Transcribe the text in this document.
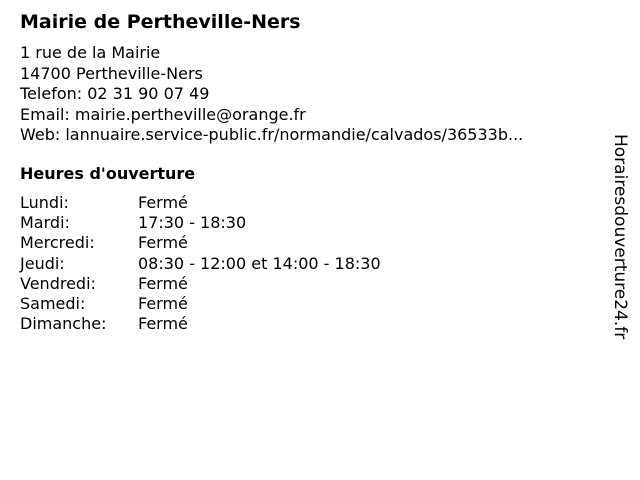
Mairie de Pertheville-Ners
1 rue de la Mairie
14700 Pertheville-Ners
Telefon: 02 31 90 07 49
Email: mairie.pertheville@orange.fr
Web: lannuaire.service-public.fr/normandie/calvados/36533b...
Heures d'ouverture
Lundi:	Fermé
Mardi:	17:30 - 18:30
Mercredi:	Fermé
Jeudi:	08:30 - 12:00 et 14:00 - 18:30
Vendredi:	Fermé
Samedi:	Fermé
Dimanche:	Fermé	Horairesdouverture24.fr
